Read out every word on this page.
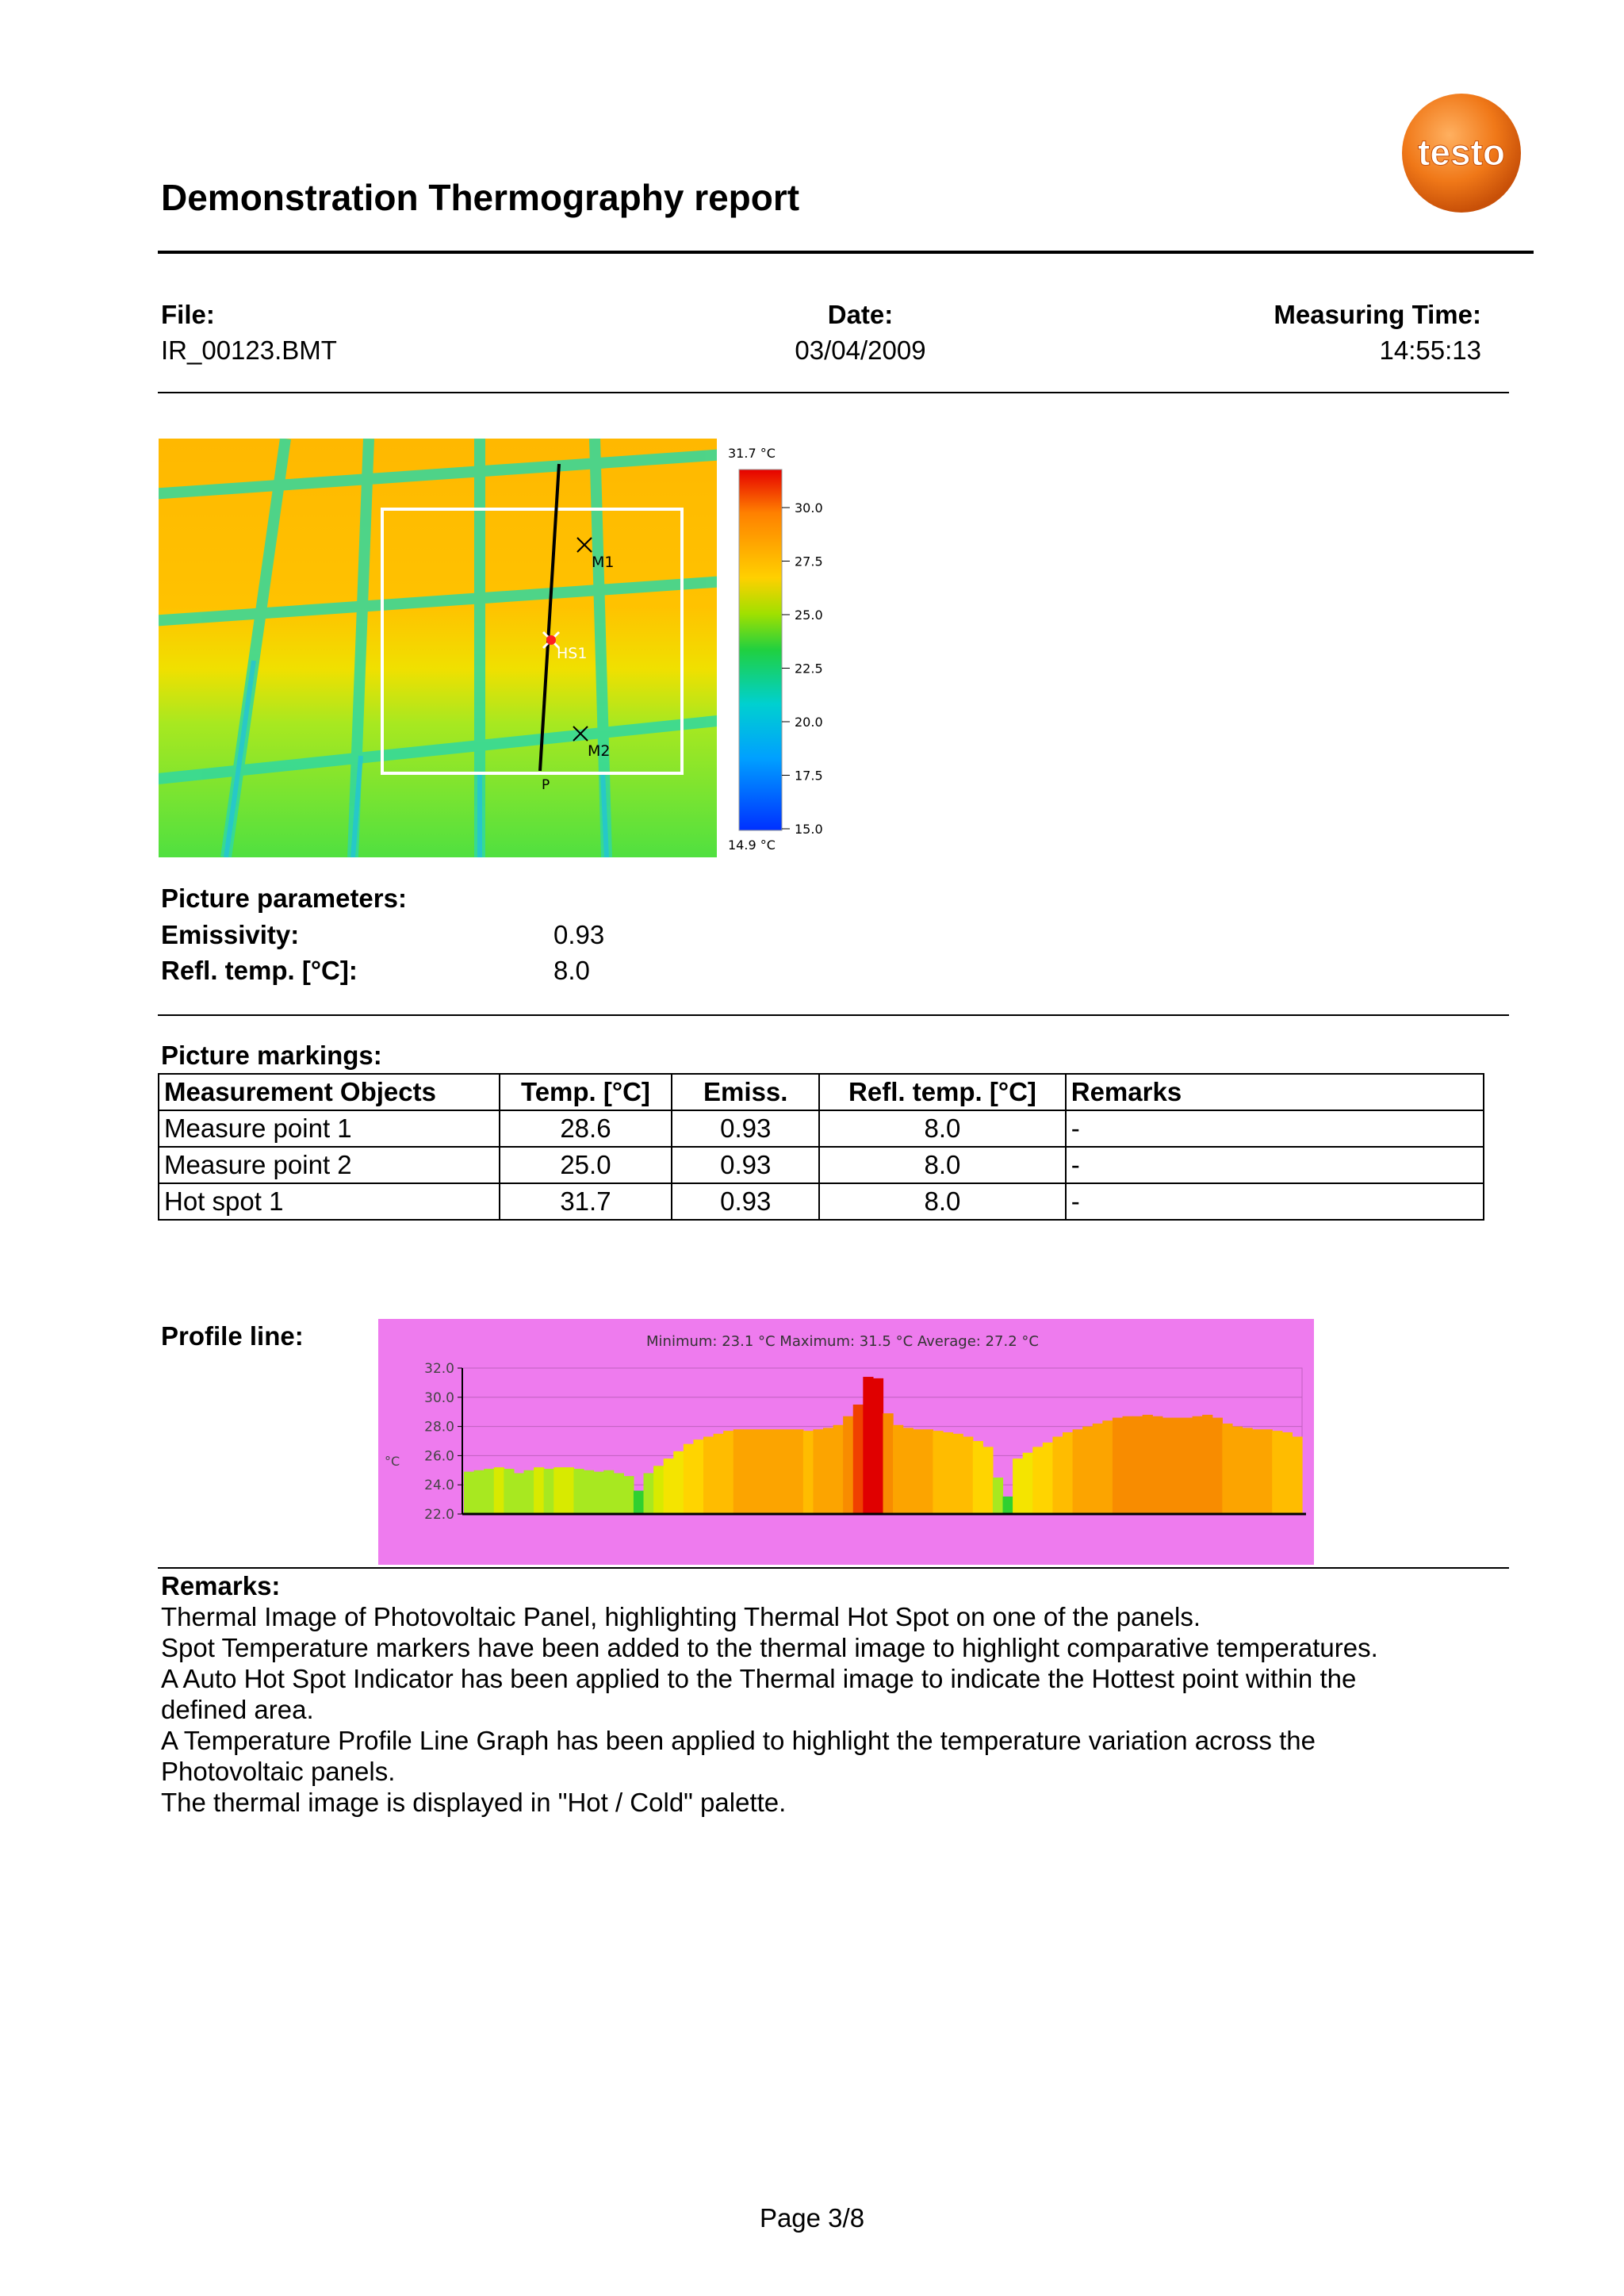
Demonstration Thermography report
testo
File:
IR_00123.BMT
Date:
03/04/2009
Measuring Time:
14:55:13
M1
M2
HS1
P
31.7 °C
30.0
27.5
25.0
22.5
20.0
17.5
15.0
14.9 °C
Picture parameters:
Emissivity:	0.93
Refl. temp. [°C]:	8.0
Picture markings:
Measurement Objects	Temp. [°C]	Emiss.	Refl. temp. [°C]	Remarks
Measure point 1	28.6	0.93	8.0	-
Measure point 2	25.0	0.93	8.0	-
Hot spot 1	31.7	0.93	8.0	-
Profile line:	Minimum: 23.1 °C Maximum: 31.5 °C Average: 27.2 °C
°C
32.0
30.0
28.0
26.0
24.0
22.0
Remarks:
Thermal Image of Photovoltaic Panel, highlighting Thermal Hot Spot on one of the panels.
Spot Temperature markers have been added to the thermal image to highlight comparative temperatures.
A Auto Hot Spot Indicator has been applied to the Thermal image to indicate the Hottest point within the
defined area.
A Temperature Profile Line Graph has been applied to highlight the temperature variation across the
Photovoltaic panels.
The thermal image is displayed in "Hot / Cold" palette.
Page 3/8
